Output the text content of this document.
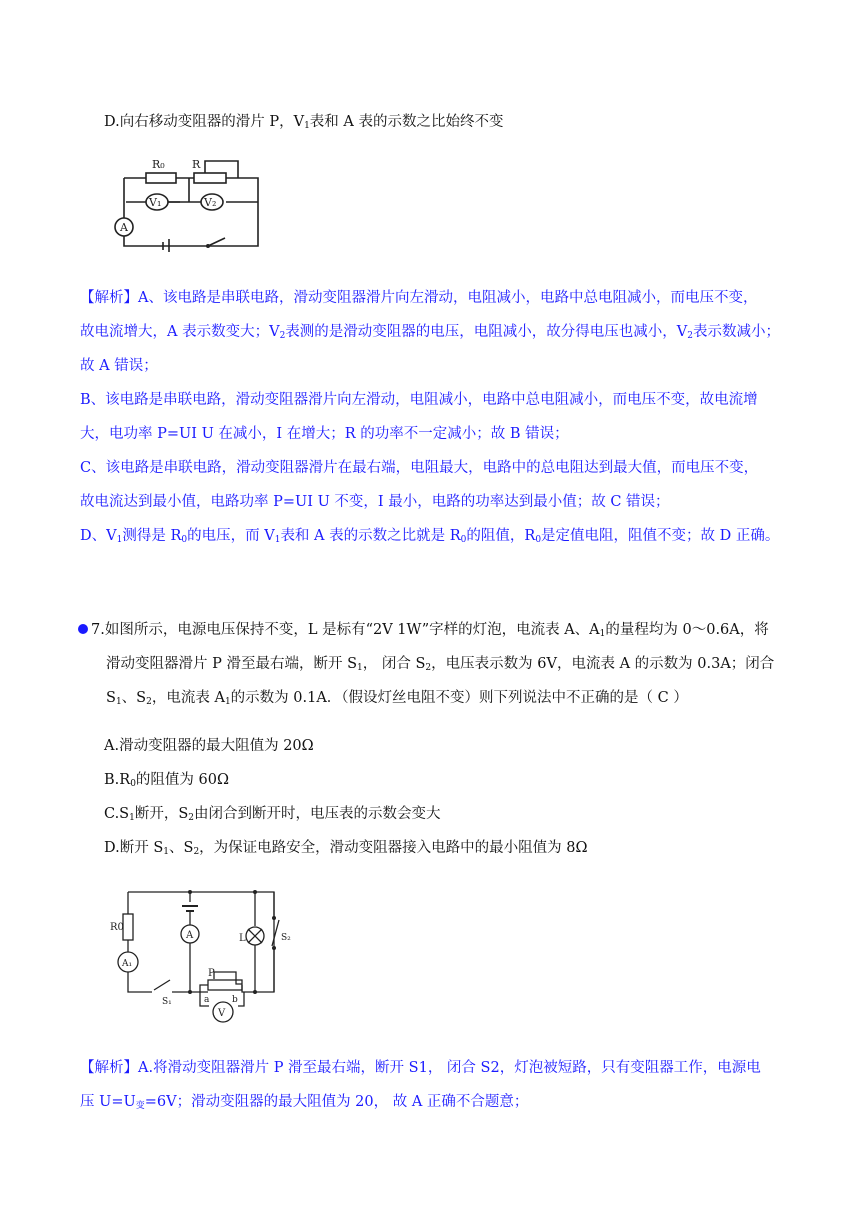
D.向右移动变阻器的滑片 P，$V_1$表和 A 表的示数之比始终不变
R₀ R
V₁	V₂
A
【解析】A、该电路是串联电路，滑动变阻器滑片向左滑动，电阻减小，电路中总电阻减小，而电压不变，
故电流增大，A 表示数变大；$V_2$表测的是滑动变阻器的电压，电阻减小，故分得电压也减小，$V_2$表示数减小；
故 A 错误；
B、该电路是串联电路，滑动变阻器滑片向左滑动，电阻减小，电路中总电阻减小，而电压不变，故电流增
大，电功率 P=UI U 在减小，I 在增大；R 的功率不一定减小；故 B 错误；
C、该电路是串联电路，滑动变阻器滑片在最右端，电阻最大，电路中的总电阻达到最大值，而电压不变，
故电流达到最小值，电路功率 P=UI U 不变，I 最小，电路的功率达到最小值；故 C 错误；
D、$V_1$测得是 $R_0$的电压，而 $V_1$表和 A 表的示数之比就是 $R_0$的阻值，$R_0$是定值电阻，阻值不变；故 D 正确。
7.如图所示，电源电压保持不变，L 是标有“2V 1W”字样的灯泡，电流表 A、$A_1$的量程均为 0～0.6A，将
滑动变阻器滑片 P 滑至最右端，断开 $S_1$， 闭合 $S_2$，电压表示数为 6V，电流表 A 的示数为 0.3A；闭合
$S_1$、$S_2$，电流表 $A_1$的示数为 0.1A．（假设灯丝电阻不变）则下列说法中不正确的是（ C ）
A.滑动变阻器的最大阻值为 20Ω
$B.R_0$的阻值为 60Ω
$C.S_1$断开，$S_2$由闭合到断开时，电压表的示数会变大
D.断开 $S_1$、$S_2$，为保证电路安全，滑动变阻器接入电路中的最小阻值为 8Ω
R0
A₁
A	L	S₂
S₁
P
a	b
V
【解析】A.将滑动变阻器滑片 P 滑至最右端，断开 S1， 闭合 S2，灯泡被短路，只有变阻器工作，电源电
压 $U=U_变=6V$；滑动变阻器的最大阻值为 20， 故 A 正确不合题意；
